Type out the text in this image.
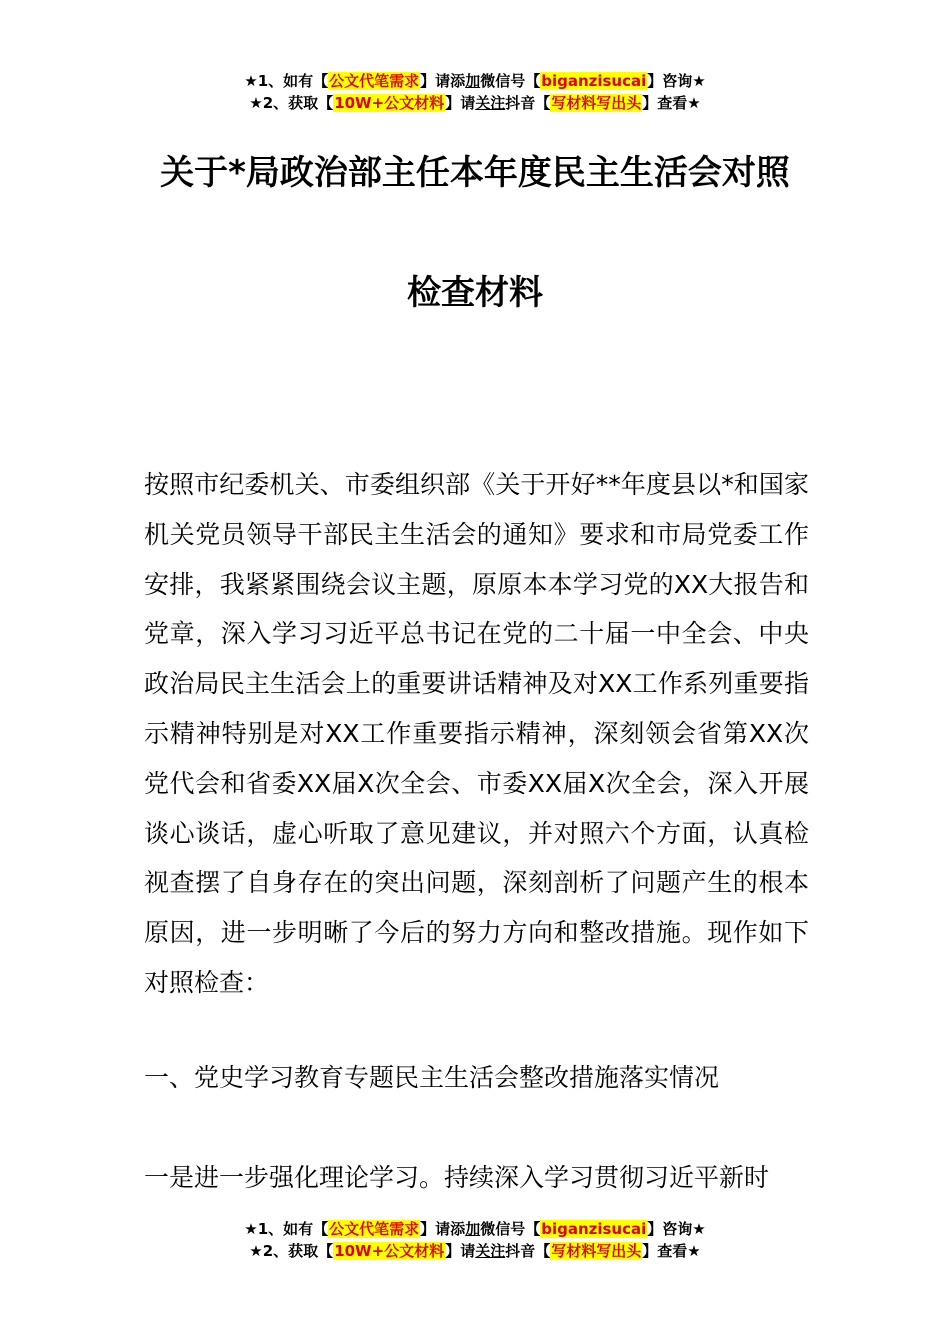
★1、如有【公文代笔需求】请添加微信号【biganzisucai】咨询★
★2、获取【10W+公文材料】请关注抖音【写材料写出头】查看★
关于*局政治部主任本年度民主生活会对照
检查材料
按照市纪委机关、市委组织部《关于开好**年度县以*和国家机关党员领导干部民主生活会的通知》要求和市局党委工作安排，我紧紧围绕会议主题，原原本本学习党的XX大报告和党章，深入学习习近平总书记在党的二十届一中全会、中央政治局民主生活会上的重要讲话精神及对XX工作系列重要指示精神特别是对XX工作重要指示精神，深刻领会省第XX次党代会和省委XX届X次全会、市委XX届X次全会，深入开展谈心谈话，虚心听取了意见建议，并对照六个方面，认真检视查摆了自身存在的突出问题，深刻剖析了问题产生的根本原因，进一步明晰了今后的努力方向和整改措施。现作如下对照检查：
一、党史学习教育专题民主生活会整改措施落实情况
一是进一步强化理论学习。持续深入学习贯彻习近平新时
★1、如有【公文代笔需求】请添加微信号【biganzisucai】咨询★
★2、获取【10W+公文材料】请关注抖音【写材料写出头】查看★
